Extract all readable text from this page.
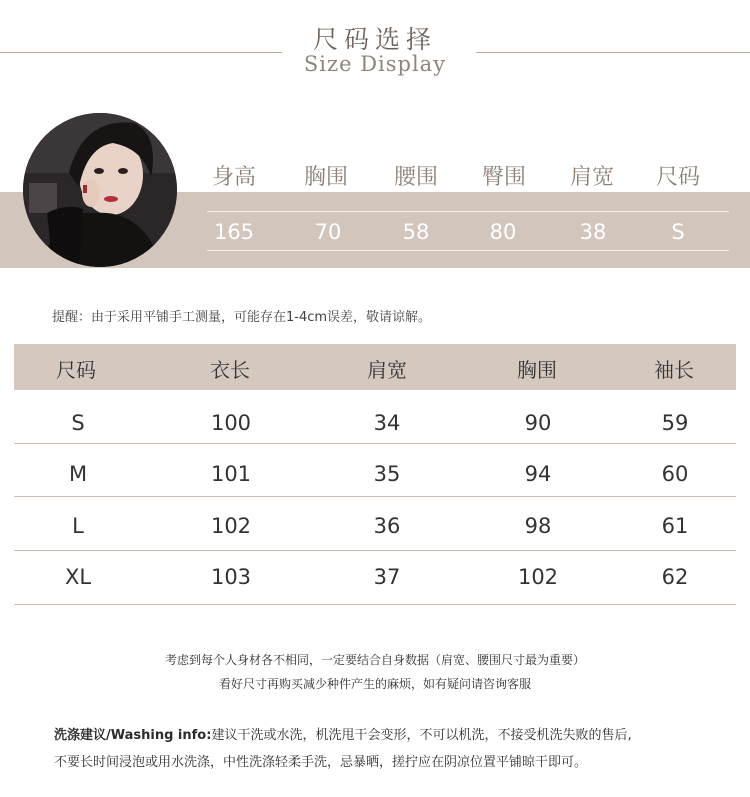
尺码选择
Size Display
身高	胸围	腰围	臀围	肩宽	尺码
165	70	58	80	38	S
提醒：由于采用平铺手工测量，可能存在1-4cm误差，敬请谅解。
尺码	衣长	肩宽	胸围	袖长
S	100	34	90	59
M	101	35	94	60
L	102	36	98	61
XL	103	37	102	62
考虑到每个人身材各不相同，一定要结合自身数据（肩宽、腰围尺寸最为重要）
看好尺寸再购买减少种件产生的麻烦，如有疑问请咨询客服
洗涤建议/Washing info:建议干洗或水洗，机洗甩干会变形，不可以机洗，不接受机洗失败的售后,
不要长时间浸泡或用水洗涤，中性洗涤轻柔手洗，忌暴晒，搓拧应在阴凉位置平铺晾干即可。
